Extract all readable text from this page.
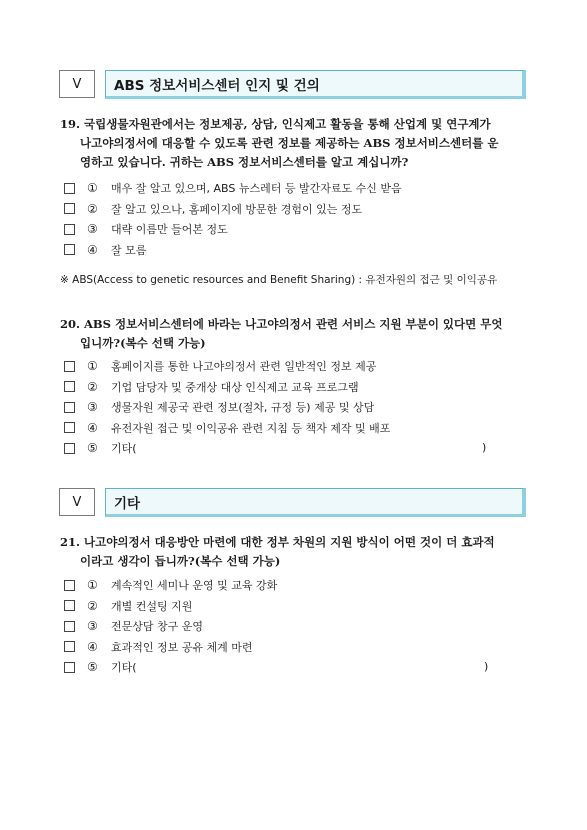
V	ABS 정보서비스센터 인지 및 건의
19. 국립생물자원관에서는 정보제공, 상담, 인식제고 활동을 통해 산업계 및 연구계가
나고야의정서에 대응할 수 있도록 관련 정보를 제공하는 ABS 정보서비스센터를 운
영하고 있습니다. 귀하는 ABS 정보서비스센터를 알고 계십니까?
①	매우 잘 알고 있으며, ABS 뉴스레터 등 발간자료도 수신 받음
②	잘 알고 있으나, 홈페이지에 방문한 경험이 있는 정도
③	대략 이름만 들어본 정도
④	잘 모름
※ ABS(Access to genetic resources and Benefit Sharing) : 유전자원의 접근 및 이익공유
20. ABS 정보서비스센터에 바라는 나고야의정서 관련 서비스 지원 부분이 있다면 무엇
입니까?(복수 선택 가능)
①	홈페이지를 통한 나고야의정서 관련 일반적인 정보 제공
②	기업 담당자 및 중개상 대상 인식제고 교육 프로그램
③	생물자원 제공국 관련 정보(절차, 규정 등) 제공 및 상담
④	유전자원 접근 및 이익공유 관련 지침 등 책자 제작 및 배포
⑤	기타(	)
V	기타
21. 나고야의정서 대응방안 마련에 대한 정부 차원의 지원 방식이 어떤 것이 더 효과적
이라고 생각이 듭니까?(복수 선택 가능)
①	계속적인 세미나 운영 및 교육 강화
②	개별 컨설팅 지원
③	전문상담 창구 운영
④	효과적인 정보 공유 체계 마련
⑤	기타(	)
